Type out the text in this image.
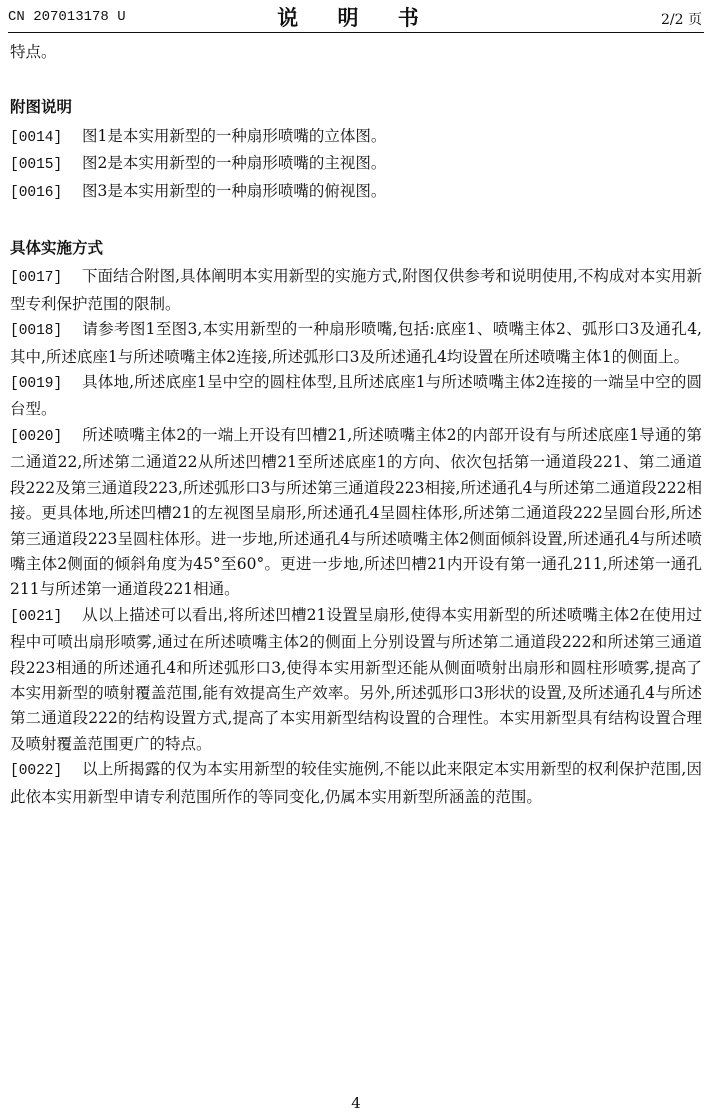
CN 207013178 U	说 明 书	2/2 页

特点。

附图说明

[0014] 图1是本实用新型的一种扇形喷嘴的立体图。

[0015] 图2是本实用新型的一种扇形喷嘴的主视图。

[0016] 图3是本实用新型的一种扇形喷嘴的俯视图。

具体实施方式

[0017] 下面结合附图,具体阐明本实用新型的实施方式,附图仅供参考和说明使用,不构成对本实用新型专利保护范围的限制。

[0018] 请参考图1至图3,本实用新型的一种扇形喷嘴,包括:底座1、喷嘴主体2、弧形口3及通孔4,其中,所述底座1与所述喷嘴主体2连接,所述弧形口3及所述通孔4均设置在所述喷嘴主体1的侧面上。

[0019] 具体地,所述底座1呈中空的圆柱体型,且所述底座1与所述喷嘴主体2连接的一端呈中空的圆台型。

[0020] 所述喷嘴主体2的一端上开设有凹槽21,所述喷嘴主体2的内部开设有与所述底座1导通的第二通道22,所述第二通道22从所述凹槽21至所述底座1的方向、依次包括第一通道段221、第二通道段222及第三通道段223,所述弧形口3与所述第三通道段223相接,所述通孔4与所述第二通道段222相接。更具体地,所述凹槽21的左视图呈扇形,所述通孔4呈圆柱体形,所述第二通道段222呈圆台形,所述第三通道段223呈圆柱体形。进一步地,所述通孔4与所述喷嘴主体2侧面倾斜设置,所述通孔4与所述喷嘴主体2侧面的倾斜角度为45°至60°。更进一步地,所述凹槽21内开设有第一通孔211,所述第一通孔211与所述第一通道段221相通。

[0021] 从以上描述可以看出,将所述凹槽21设置呈扇形,使得本实用新型的所述喷嘴主体2在使用过程中可喷出扇形喷雾,通过在所述喷嘴主体2的侧面上分别设置与所述第二通道段222和所述第三通道段223相通的所述通孔4和所述弧形口3,使得本实用新型还能从侧面喷射出扇形和圆柱形喷雾,提高了本实用新型的喷射覆盖范围,能有效提高生产效率。另外,所述弧形口3形状的设置,及所述通孔4与所述第二通道段222的结构设置方式,提高了本实用新型结构设置的合理性。本实用新型具有结构设置合理及喷射覆盖范围更广的特点。

[0022] 以上所揭露的仅为本实用新型的较佳实施例,不能以此来限定本实用新型的权利保护范围,因此依本实用新型申请专利范围所作的等同变化,仍属本实用新型所涵盖的范围。

4
